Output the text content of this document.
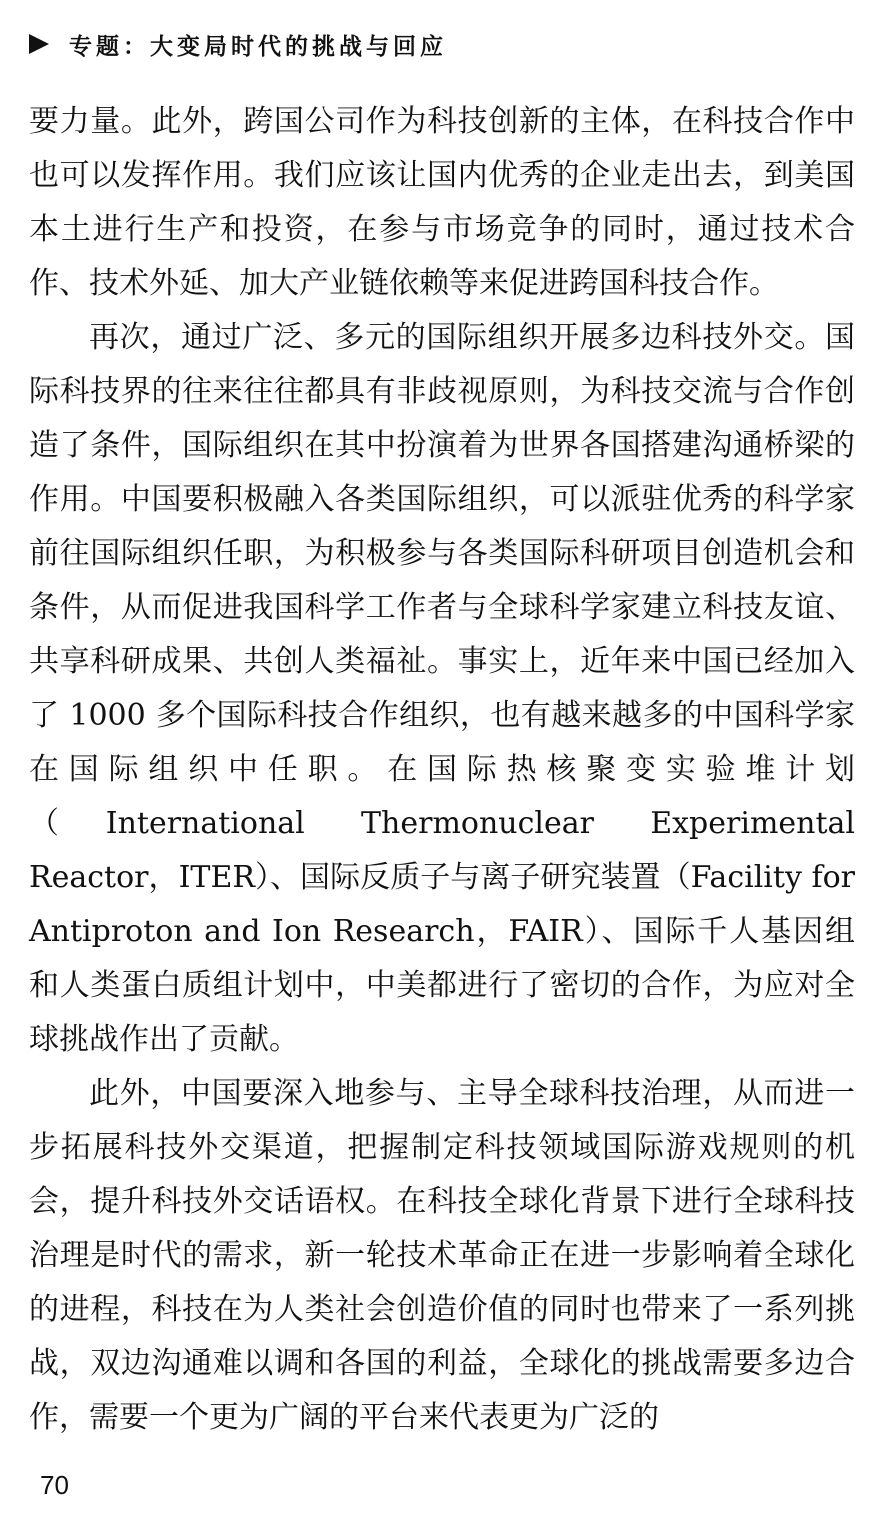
专题：大变局时代的挑战与回应

要力量。此外，跨国公司作为科技创新的主体，在科技合作中也可以发挥作用。我们应该让国内优秀的企业走出去，到美国本土进行生产和投资，在参与市场竞争的同时，通过技术合作、技术外延、加大产业链依赖等来促进跨国科技合作。

再次，通过广泛、多元的国际组织开展多边科技外交。国际科技界的往来往往都具有非歧视原则，为科技交流与合作创造了条件，国际组织在其中扮演着为世界各国搭建沟通桥梁的作用。中国要积极融入各类国际组织，可以派驻优秀的科学家前往国际组织任职，为积极参与各类国际科研项目创造机会和条件，从而促进我国科学工作者与全球科学家建立科技友谊、共享科研成果、共创人类福祉。事实上，近年来中国已经加入了 1000 多个国际科技合作组织，也有越来越多的中国科学家在国际组织中任职。在国际热核聚变实验堆计划（International Thermonuclear Experimental Reactor，ITER）、国际反质子与离子研究装置（Facility for Antiproton and Ion Research，FAIR）、国际千人基因组和人类蛋白质组计划中，中美都进行了密切的合作，为应对全球挑战作出了贡献。

此外，中国要深入地参与、主导全球科技治理，从而进一步拓展科技外交渠道，把握制定科技领域国际游戏规则的机会，提升科技外交话语权。在科技全球化背景下进行全球科技治理是时代的需求，新一轮技术革命正在进一步影响着全球化的进程，科技在为人类社会创造价值的同时也带来了一系列挑战，双边沟通难以调和各国的利益，全球化的挑战需要多边合作，需要一个更为广阔的平台来代表更为广泛的

70
